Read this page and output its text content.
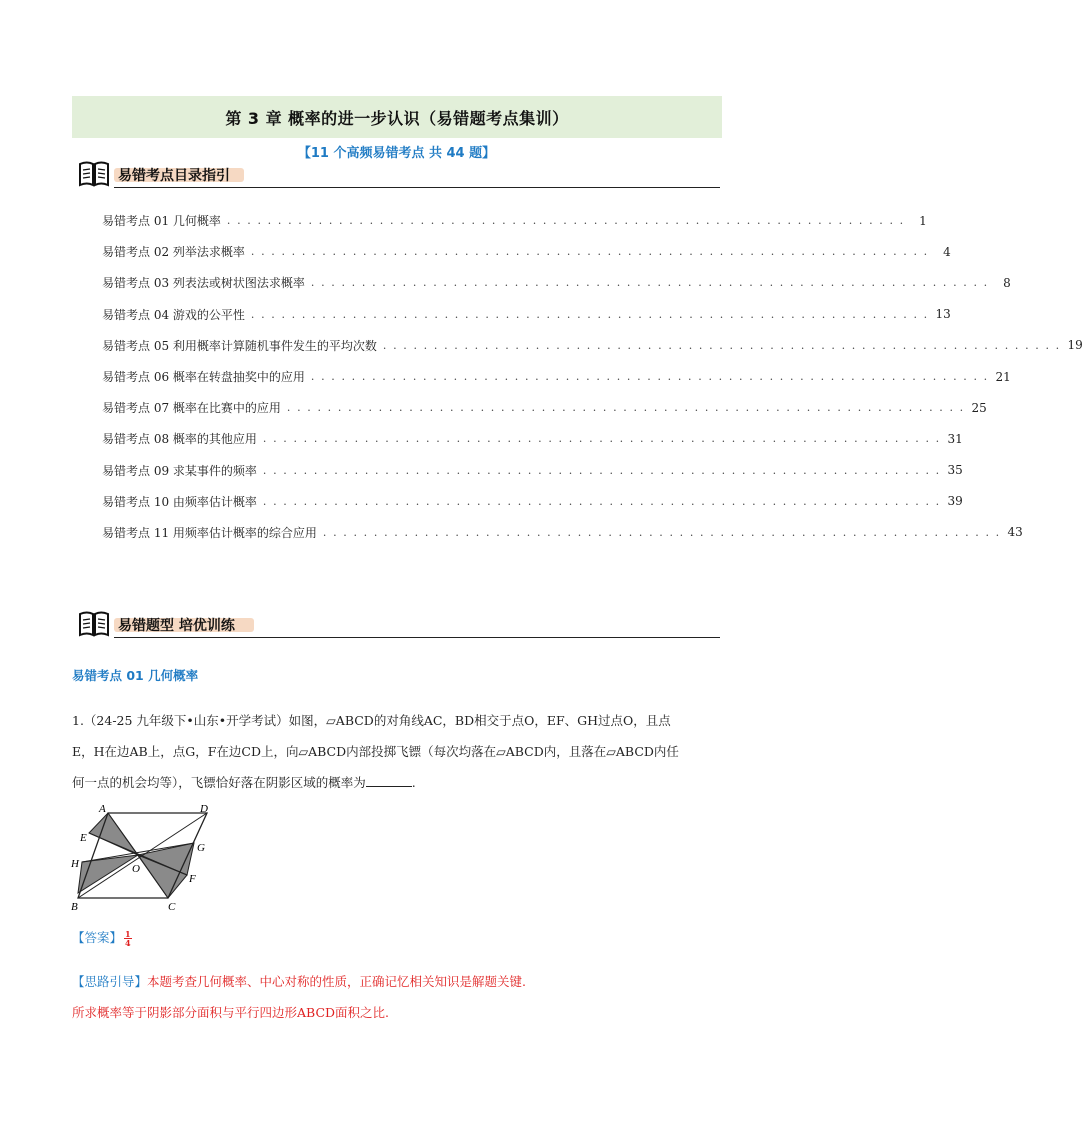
第 3 章 概率的进一步认识（易错题考点集训）
【11 个高频易错考点 共 44 题】
易错考点目录指引
易错考点 01 几何概率 . . . . . . . . . . . . . . . . . . . . . . . . . . . . . . . . . . . . . . . . . . . . . . . . . . . . . . . . . . . . . . . . . . .	1
易错考点 02 列举法求概率 . . . . . . . . . . . . . . . . . . . . . . . . . . . . . . . . . . . . . . . . . . . . . . . . . . . . . . . . . . . . . . . . . . .	4
易错考点 03 列表法或树状图法求概率 . . . . . . . . . . . . . . . . . . . . . . . . . . . . . . . . . . . . . . . . . . . . . . . . . . . . . . . . . . . . . . . . . . .	8
易错考点 04 游戏的公平性 . . . . . . . . . . . . . . . . . . . . . . . . . . . . . . . . . . . . . . . . . . . . . . . . . . . . . . . . . . . . . . . . . . . 13
易错考点 05 利用概率计算随机事件发生的平均次数 . . . . . . . . . . . . . . . . . . . . . . . . . . . . . . . . . . . . . . . . . . . . . . . . . . . . . . . . . . . . . . . . . . . 19
易错考点 06 概率在转盘抽奖中的应用 . . . . . . . . . . . . . . . . . . . . . . . . . . . . . . . . . . . . . . . . . . . . . . . . . . . . . . . . . . . . . . . . . . . 21
易错考点 07 概率在比赛中的应用 . . . . . . . . . . . . . . . . . . . . . . . . . . . . . . . . . . . . . . . . . . . . . . . . . . . . . . . . . . . . . . . . . . . 25
易错考点 08 概率的其他应用 . . . . . . . . . . . . . . . . . . . . . . . . . . . . . . . . . . . . . . . . . . . . . . . . . . . . . . . . . . . . . . . . . . . 31
易错考点 09 求某事件的频率 . . . . . . . . . . . . . . . . . . . . . . . . . . . . . . . . . . . . . . . . . . . . . . . . . . . . . . . . . . . . . . . . . . . 35
易错考点 10 由频率估计概率 . . . . . . . . . . . . . . . . . . . . . . . . . . . . . . . . . . . . . . . . . . . . . . . . . . . . . . . . . . . . . . . . . . . 39
易错考点 11 用频率估计概率的综合应用 . . . . . . . . . . . . . . . . . . . . . . . . . . . . . . . . . . . . . . . . . . . . . . . . . . . . . . . . . . . . . . . . . . . 43
易错题型 培优训练
易错考点 01 几何概率
1.（24-25 九年级下•山东•开学考试）如图，▱ABCD的对角线AC，BD相交于点O，EF、GH过点O，且点
E，H在边AB上，点G，F在边CD上，向▱ABCD内部投掷飞镖（每次均落在▱ABCD内，且落在▱ABCD内任
何一点的机会均等），飞镖恰好落在阴影区域的概率为	.
A	D
E
G
H	O
F
B	C
【答案】 $\frac{1}{4}$
【思路引导】本题考查几何概率、中心对称的性质，正确记忆相关知识是解题关键.
所求概率等于阴影部分面积与平行四边形ABCD面积之比.
